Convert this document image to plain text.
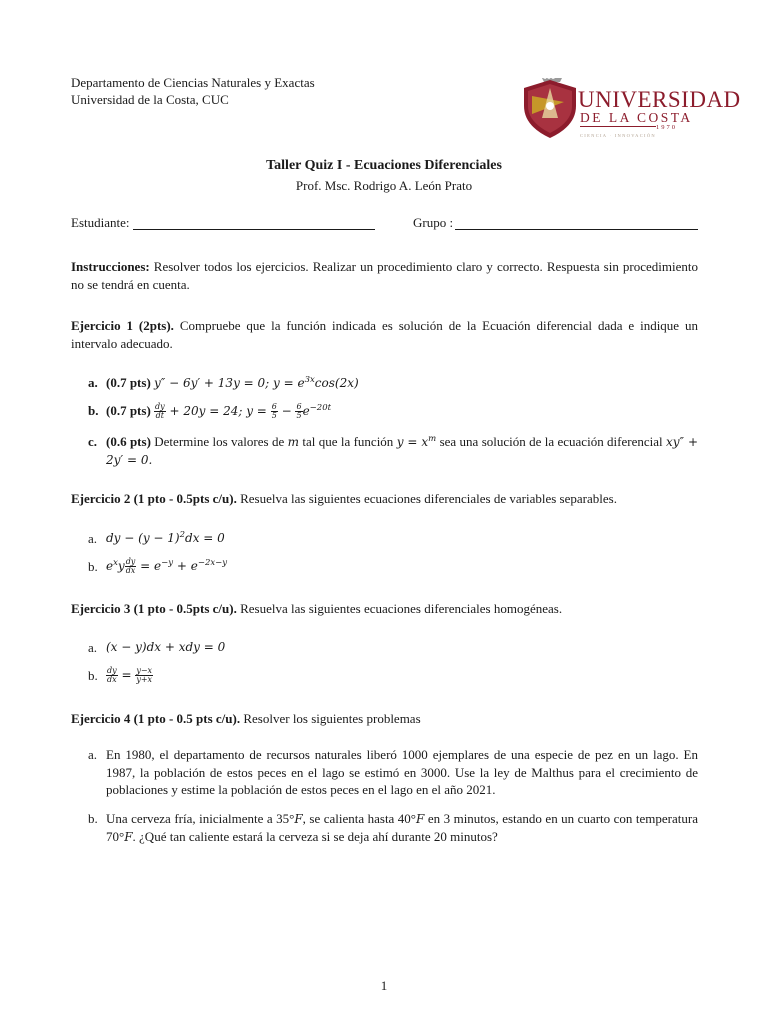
Departamento de Ciencias Naturales y Exactas
Universidad de la Costa, CUC
CUC
UNIVERSIDAD
DE LA COSTA
1970
CIENCIA · INNOVACIÓN
Taller Quiz I - Ecuaciones Diferenciales
Prof. Msc. Rodrigo A. León Prato
Estudiante:	Grupo :
Instrucciones: Resolver todos los ejercicios. Realizar un procedimiento claro y correcto. Respuesta sin procedimiento no se tendrá en cuenta.
Ejercicio 1 (2pts). Compruebe que la función indicada es solución de la Ecuación diferencial dada e indique un intervalo adecuado.
a. (0.7 pts) y″ − 6y′ + 13y = 0; $y = e^{3x}\cos(2x)$
b. (0.7 $pts) \frac{dy}{dt} + 20y = 24$; $y = \frac{6}{5} - \frac{6}{5} e^{-20t}$
c. (0.6 pts) Determine los valores de m tal que la función $y = x^m$ sea una solución de la ecuación diferencial xy″ + 2y′ = 0.
Ejercicio 2 (1 pto - 0.5pts c/u). Resuelva las siguientes ecuaciones diferenciales de variables separables.
a. dy − $(y - 1)^2dx = 0$
b. $e^xy \frac{dy}{dx} = e^{-y} + e^{-2x-y}$
Ejercicio 3 (1 pto - 0.5pts c/u). Resuelva las siguientes ecuaciones diferenciales homogéneas.
a. (x − y)dx + xdy = 0
b. $\frac{dy}{dx} = \frac{y-x}{y+x}$
Ejercicio 4 (1 pto - 0.5 pts c/u). Resolver los siguientes problemas
a. En 1980, el departamento de recursos naturales liberó 1000 ejemplares de una especie de pez en un lago. En 1987, la población de estos peces en el lago se estimó en 3000. Use la ley de Malthus para el crecimiento de poblaciones y estime la población de estos peces en el lago en el año 2021.
b. Una cerveza fría, inicialmente a 35°F, se calienta hasta 40°F en 3 minutos, estando en un cuarto con temperatura 70°F. ¿Qué tan caliente estará la cerveza si se deja ahí durante 20 minutos?
1
